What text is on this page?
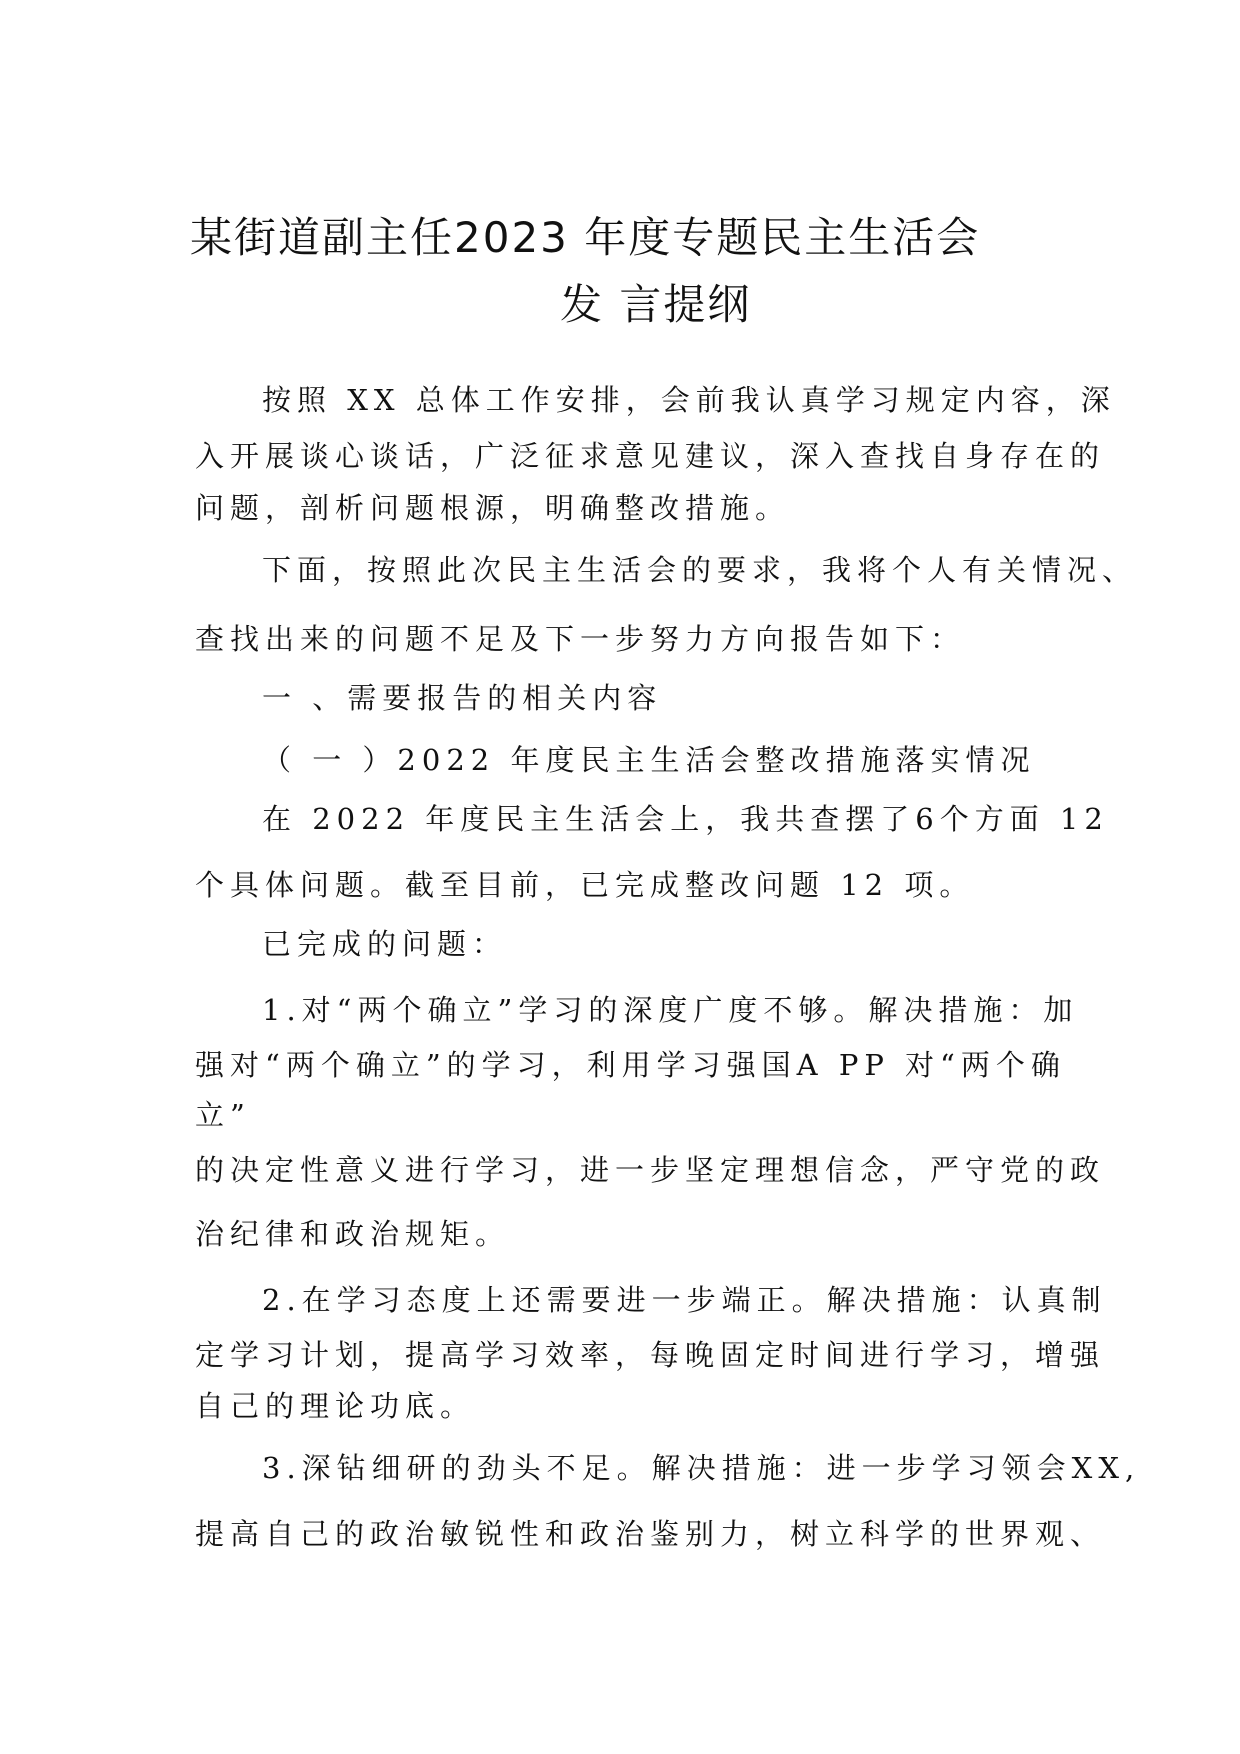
某街道副主任2023 年度专题民主生活会
发 言提纲
按照 XX 总体工作安排，会前我认真学习规定内容，深
入开展谈心谈话，广泛征求意见建议，深入查找自身存在的
问题，剖析问题根源，明确整改措施。
下面，按照此次民主生活会的要求，我将个人有关情况、
查找出来的问题不足及下一步努力方向报告如下：
一 、需要报告的相关内容
（ 一 ）2022 年度民主生活会整改措施落实情况
在 2022 年度民主生活会上，我共查摆了6个方面 12
个具体问题。截至目前，已完成整改问题 12 项。
已完成的问题：
1.对“两个确立”学习的深度广度不够。解决措施：加
强对“两个确立”的学习，利用学习强国A PP 对“两个确
立”
的决定性意义进行学习，进一步坚定理想信念，严守党的政
治纪律和政治规矩。
2.在学习态度上还需要进一步端正。解决措施：认真制
定学习计划，提高学习效率，每晚固定时间进行学习，增强
自己的理论功底。
3.深钻细研的劲头不足。解决措施：进一步学习领会XX,
提高自己的政治敏锐性和政治鉴别力，树立科学的世界观、
